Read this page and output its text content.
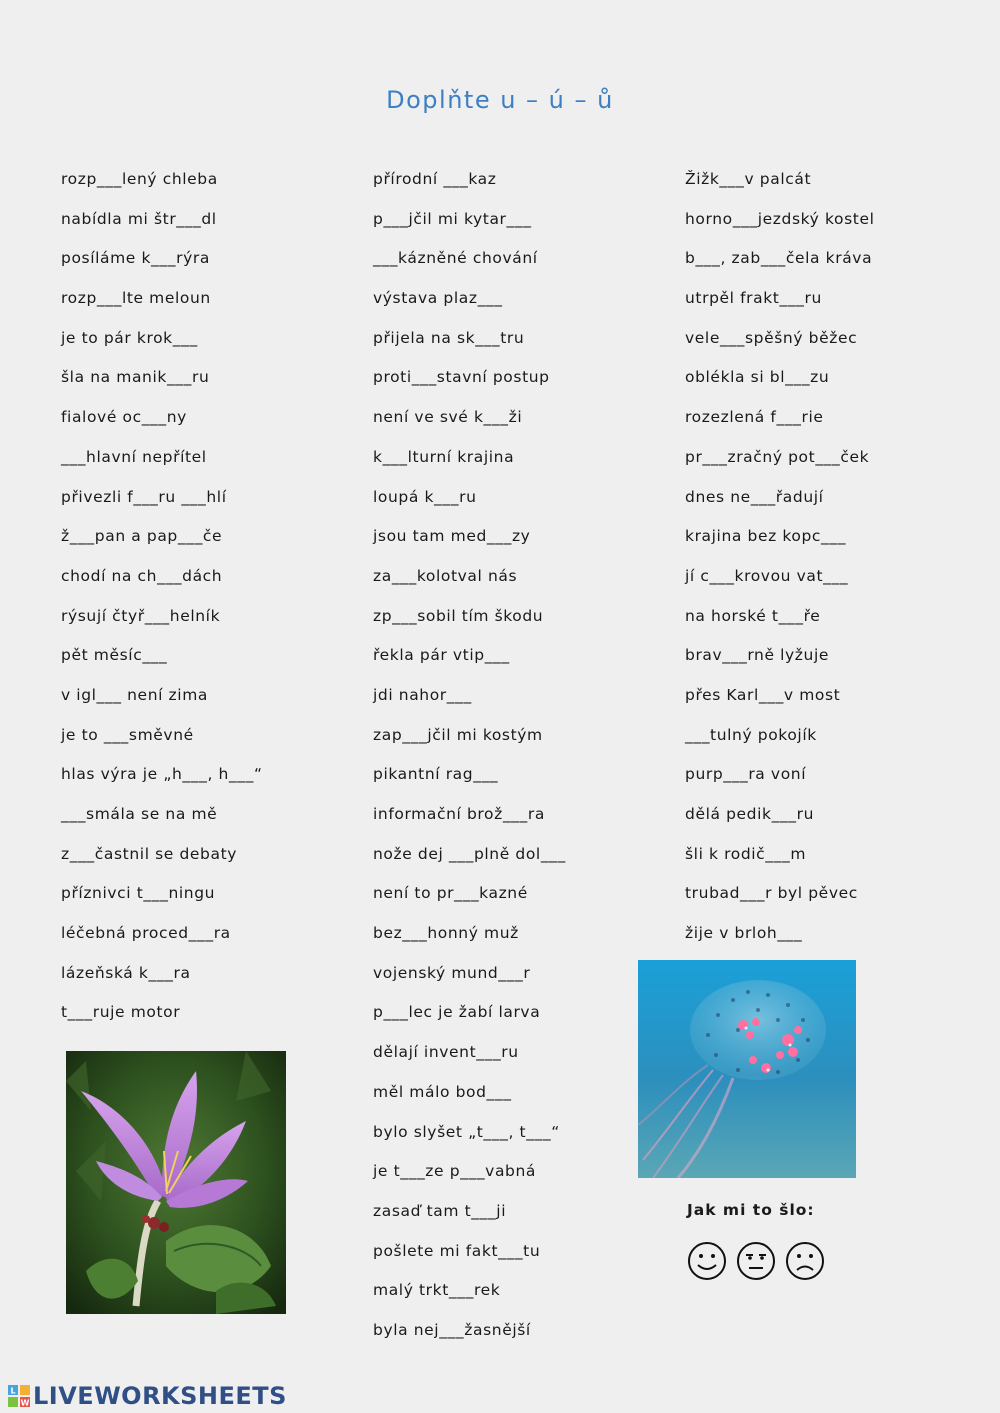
Doplňte u – ú – ů
rozp___lený chleba
nabídla mi štr___dl
posíláme k___rýra
rozp___lte meloun
je to pár krok___
šla na manik___ru
fialové oc___ny
___hlavní nepřítel
přivezli f___ru ___hlí
ž___pan a pap___če
chodí na ch___dách
rýsují čtyř___helník
pět měsíc___
v igl___ není zima
je to ___směvné
hlas výra je „h___, h___“
___smála se na mě
z___častnil se debaty
příznivci t___ningu
léčebná proced___ra
lázeňská k___ra
t___ruje motor
přírodní ___kaz
p___jčil mi kytar___
___kázněné chování
výstava plaz___
přijela na sk___tru
proti___stavní postup
není ve své k___ži
k___lturní krajina
loupá k___ru
jsou tam med___zy
za___kolotval nás
zp___sobil tím škodu
řekla pár vtip___
jdi nahor___
zap___jčil mi kostým
pikantní rag___
informační brož___ra
nože dej ___plně dol___
není to pr___kazné
bez___honný muž
vojenský mund___r
p___lec je žabí larva
dělají invent___ru
měl málo bod___
bylo slyšet „t___, t___“
je t___ze p___vabná
zasaď tam t___ji
pošlete mi fakt___tu
malý trkt___rek
byla nej___žasnější
Žižk___v palcát
horno___jezdský kostel
b___, zab___čela kráva
utrpěl frakt___ru
vele___spěšný běžec
oblékla si bl___zu
rozezlená f___rie
pr___zračný pot___ček
dnes ne___řadují
krajina bez kopc___
jí c___krovou vat___
na horské t___ře
brav___rně lyžuje
přes Karl___v most
___tulný pokojík
purp___ra voní
dělá pedik___ru
šli k rodič___m
trubad___r byl pěvec
žije v brloh___
Jak mi to šlo:
L
W LIVEWORKSHEETS
